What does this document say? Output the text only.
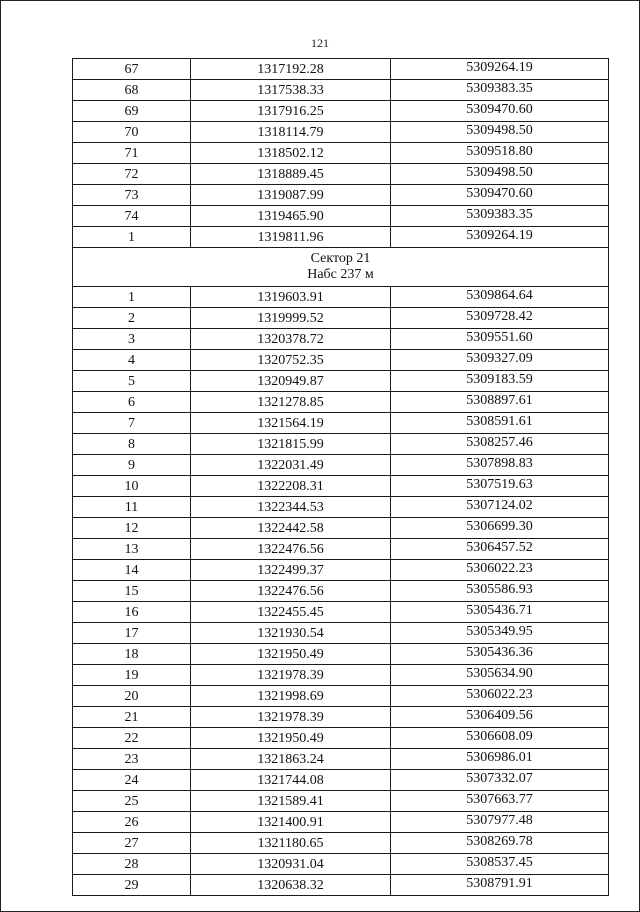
121
67	1317192.28	5309264.19
68	1317538.33	5309383.35
69	1317916.25	5309470.60
70	1318114.79	5309498.50
71	1318502.12	5309518.80
72	1318889.45	5309498.50
73	1319087.99	5309470.60
74	1319465.90	5309383.35
1	1319811.96	5309264.19

Сектор 21
Набс 237 м		

1	1319603.91	5309864.64
2	1319999.52	5309728.42
3	1320378.72	5309551.60
4	1320752.35	5309327.09
5	1320949.87	5309183.59
6	1321278.85	5308897.61
7	1321564.19	5308591.61
8	1321815.99	5308257.46
9	1322031.49	5307898.83
10	1322208.31	5307519.63
11	1322344.53	5307124.02
12	1322442.58	5306699.30
13	1322476.56	5306457.52
14	1322499.37	5306022.23
15	1322476.56	5305586.93
16	1322455.45	5305436.71
17	1321930.54	5305349.95
18	1321950.49	5305436.36
19	1321978.39	5305634.90
20	1321998.69	5306022.23
21	1321978.39	5306409.56
22	1321950.49	5306608.09
23	1321863.24	5306986.01
24	1321744.08	5307332.07
25	1321589.41	5307663.77
26	1321400.91	5307977.48
27	1321180.65	5308269.78
28	1320931.04	5308537.45
29	1320638.32	5308791.91
